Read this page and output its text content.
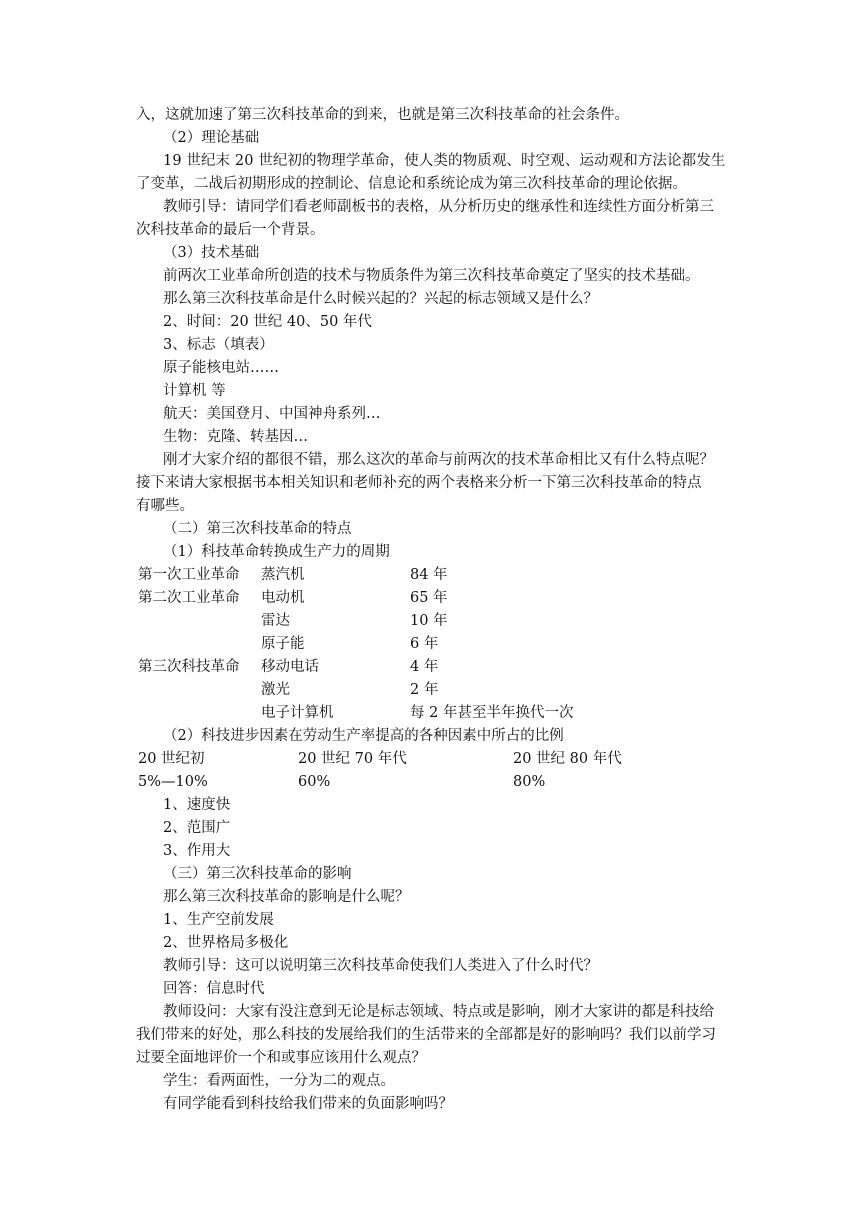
入，这就加速了第三次科技革命的到来，也就是第三次科技革命的社会条件。
（2）理论基础
19 世纪末 20 世纪初的物理学革命，使人类的物质观、时空观、运动观和方法论都发生
了变革，二战后初期形成的控制论、信息论和系统论成为第三次科技革命的理论依据。
教师引导：请同学们看老师副板书的表格，从分析历史的继承性和连续性方面分析第三
次科技革命的最后一个背景。
（3）技术基础
前两次工业革命所创造的技术与物质条件为第三次科技革命奠定了坚实的技术基础。
那么第三次科技革命是什么时候兴起的？兴起的标志领域又是什么？
2、时间：20 世纪 40、50 年代
3、标志（填表）
原子能核电站……
计算机 等
航天：美国登月、中国神舟系列…
生物：克隆、转基因…
刚才大家介绍的都很不错，那么这次的革命与前两次的技术革命相比又有什么特点呢？
接下来请大家根据书本相关知识和老师补充的两个表格来分析一下第三次科技革命的特点
有哪些。
（二）第三次科技革命的特点
（1）科技革命转换成生产力的周期
第一次工业革命 蒸汽机	84 年
第二次工业革命 电动机	65 年
雷达	10 年
原子能	6 年
第三次科技革命 移动电话	4 年
激光	2 年
电子计算机	每 2 年甚至半年换代一次
（2）科技进步因素在劳动生产率提高的各种因素中所占的比例
20 世纪初	20 世纪 70 年代	20 世纪 80 年代
5%—10%	60%	80%
1、速度快
2、范围广
3、作用大
（三）第三次科技革命的影响
那么第三次科技革命的影响是什么呢？
1、生产空前发展
2、世界格局多极化
教师引导：这可以说明第三次科技革命使我们人类进入了什么时代？
回答：信息时代
教师设问：大家有没注意到无论是标志领域、特点或是影响，刚才大家讲的都是科技给
我们带来的好处，那么科技的发展给我们的生活带来的全部都是好的影响吗？我们以前学习
过要全面地评价一个和或事应该用什么观点？
学生：看两面性，一分为二的观点。
有同学能看到科技给我们带来的负面影响吗？
